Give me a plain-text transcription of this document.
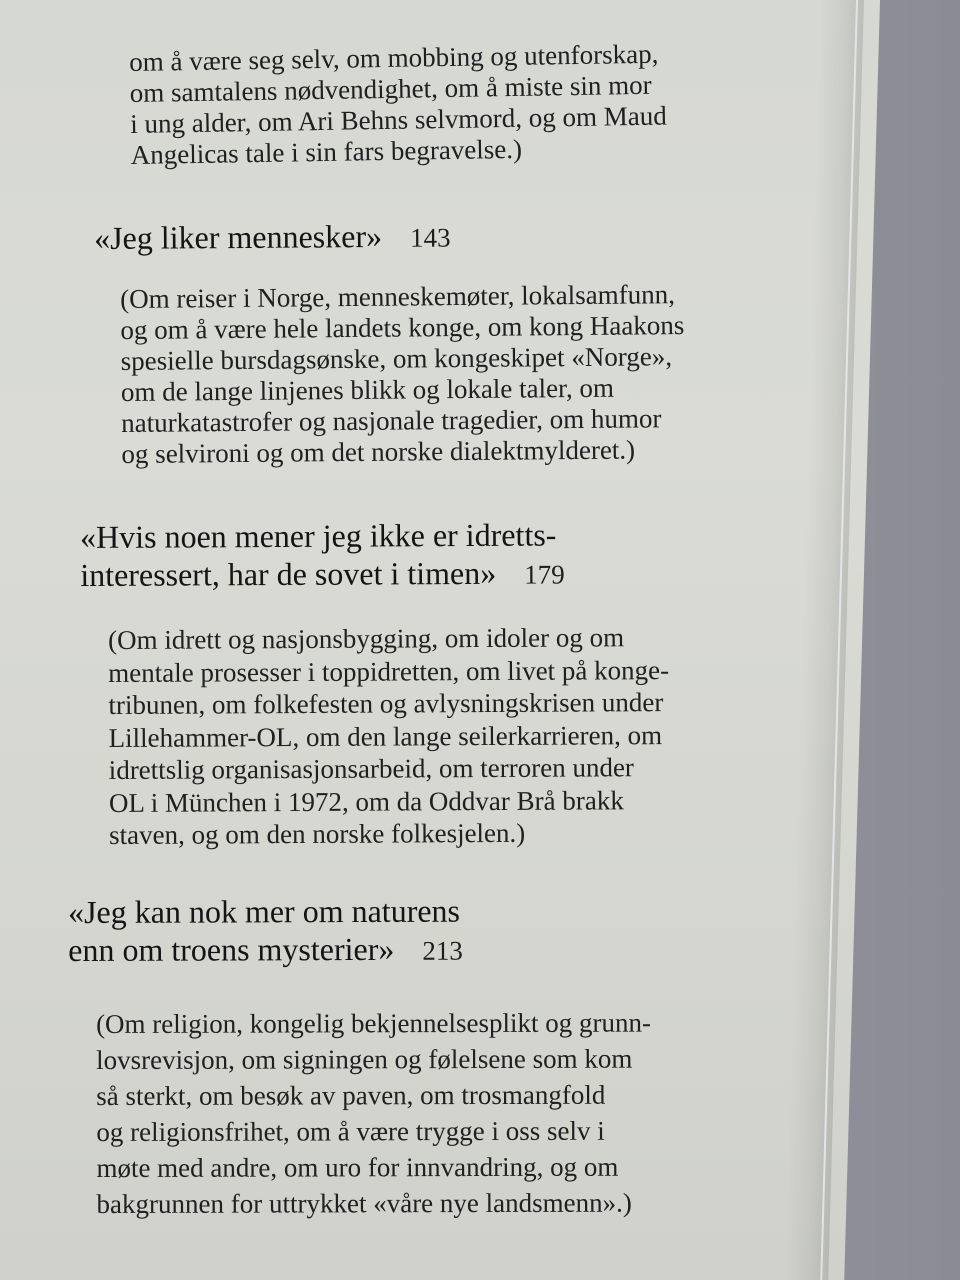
om å være seg selv, om mobbing og utenforskap,
om samtalens nødvendighet, om å miste sin mor
i ung alder, om Ari Behns selvmord, og om Maud
Angelicas tale i sin fars begravelse.)
«Jeg liker mennesker» 143
(Om reiser i Norge, menneskemøter, lokalsamfunn,
og om å være hele landets konge, om kong Haakons
spesielle bursdagsønske, om kongeskipet «Norge»,
om de lange linjenes blikk og lokale taler, om
naturkatastrofer og nasjonale tragedier, om humor
og selvironi og om det norske dialektmylderet.)
«Hvis noen mener jeg ikke er idretts-
interessert, har de sovet i timen» 179
(Om idrett og nasjonsbygging, om idoler og om
mentale prosesser i toppidretten, om livet på konge-
tribunen, om folkefesten og avlysningskrisen under
Lillehammer-OL, om den lange seilerkarrieren, om
idrettslig organisasjonsarbeid, om terroren under
OL i München i 1972, om da Oddvar Brå brakk
staven, og om den norske folkesjelen.)
«Jeg kan nok mer om naturens
enn om troens mysterier» 213
(Om religion, kongelig bekjennelsesplikt og grunn-
lovsrevisjon, om signingen og følelsene som kom
så sterkt, om besøk av paven, om trosmangfold
og religionsfrihet, om å være trygge i oss selv i
møte med andre, om uro for innvandring, og om
bakgrunnen for uttrykket «våre nye landsmenn».)
